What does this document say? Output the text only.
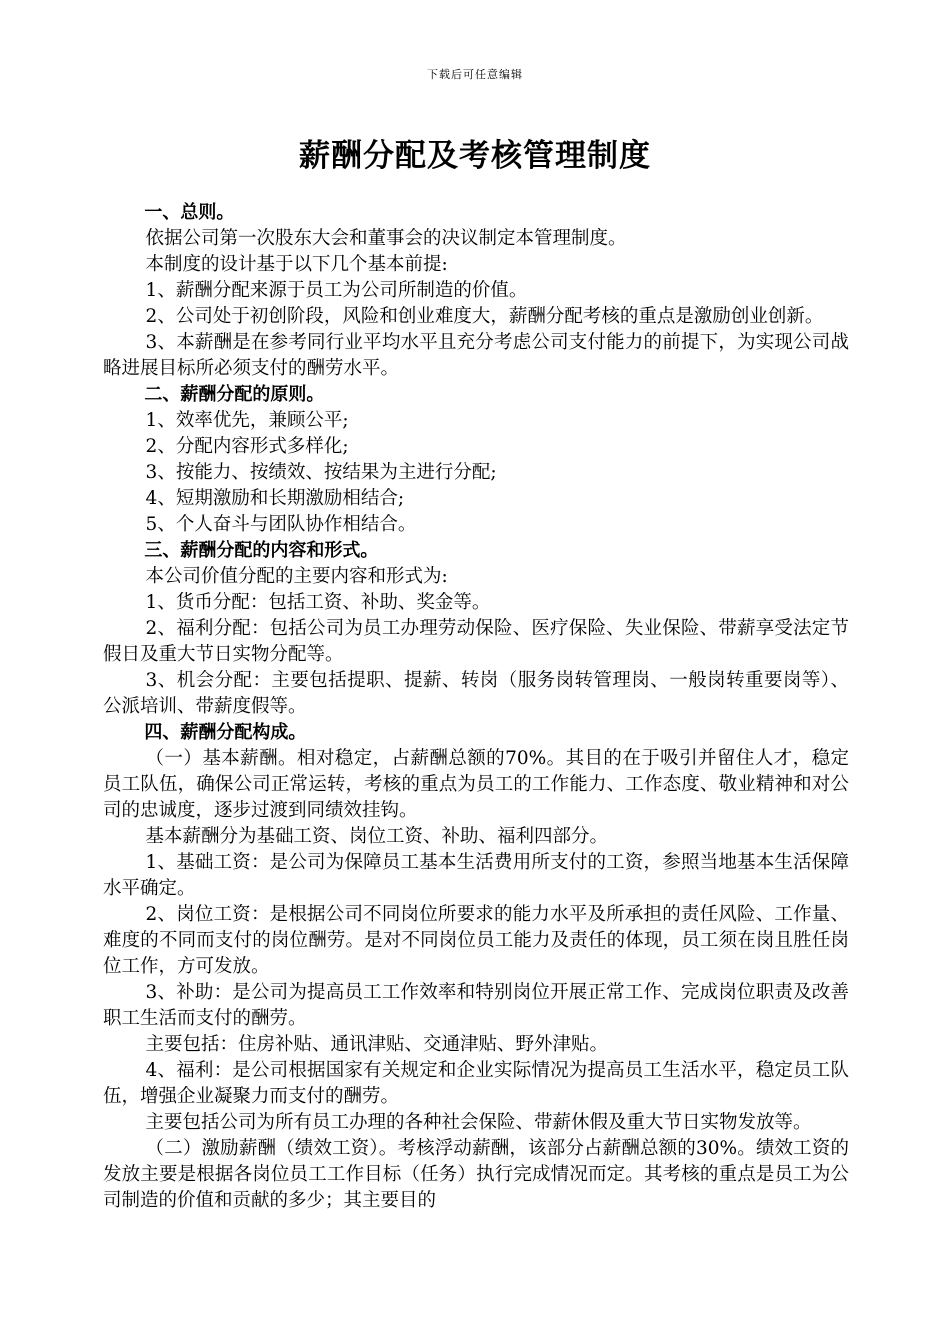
下载后可任意编辑
薪酬分配及考核管理制度

一、总则。

依据公司第一次股东大会和董事会的决议制定本管理制度。

本制度的设计基于以下几个基本前提:

1、薪酬分配来源于员工为公司所制造的价值。

2、公司处于初创阶段，风险和创业难度大，薪酬分配考核的重点是激励创业创新。

3、本薪酬是在参考同行业平均水平且充分考虑公司支付能力的前提下，为实现公司战略进展目标所必须支付的酬劳水平。

二、薪酬分配的原则。

1、效率优先，兼顾公平;

2、分配内容形式多样化;

3、按能力、按绩效、按结果为主进行分配;

4、短期激励和长期激励相结合;

5、个人奋斗与团队协作相结合。

三、薪酬分配的内容和形式。

本公司价值分配的主要内容和形式为:

1、货币分配：包括工资、补助、奖金等。

2、福利分配：包括公司为员工办理劳动保险、医疗保险、失业保险、带薪享受法定节假日及重大节日实物分配等。

3、机会分配：主要包括提职、提薪、转岗（服务岗转管理岗、一般岗转重要岗等）、公派培训、带薪度假等。

四、薪酬分配构成。

（一）基本薪酬。相对稳定，占薪酬总额的70%。其目的在于吸引并留住人才，稳定员工队伍，确保公司正常运转，考核的重点为员工的工作能力、工作态度、敬业精神和对公司的忠诚度，逐步过渡到同绩效挂钩。

基本薪酬分为基础工资、岗位工资、补助、福利四部分。

1、基础工资：是公司为保障员工基本生活费用所支付的工资，参照当地基本生活保障水平确定。

2、岗位工资：是根据公司不同岗位所要求的能力水平及所承担的责任风险、工作量、难度的不同而支付的岗位酬劳。是对不同岗位员工能力及责任的体现，员工须在岗且胜任岗位工作，方可发放。

3、补助：是公司为提高员工工作效率和特别岗位开展正常工作、完成岗位职责及改善职工生活而支付的酬劳。

主要包括：住房补贴、通讯津贴、交通津贴、野外津贴。

4、福利：是公司根据国家有关规定和企业实际情况为提高员工生活水平，稳定员工队伍，增强企业凝聚力而支付的酬劳。

主要包括公司为所有员工办理的各种社会保险、带薪休假及重大节日实物发放等。

（二）激励薪酬（绩效工资）。考核浮动薪酬，该部分占薪酬总额的30%。绩效工资的发放主要是根据各岗位员工工作目标（任务）执行完成情况而定。其考核的重点是员工为公司制造的价值和贡献的多少；其主要目的
